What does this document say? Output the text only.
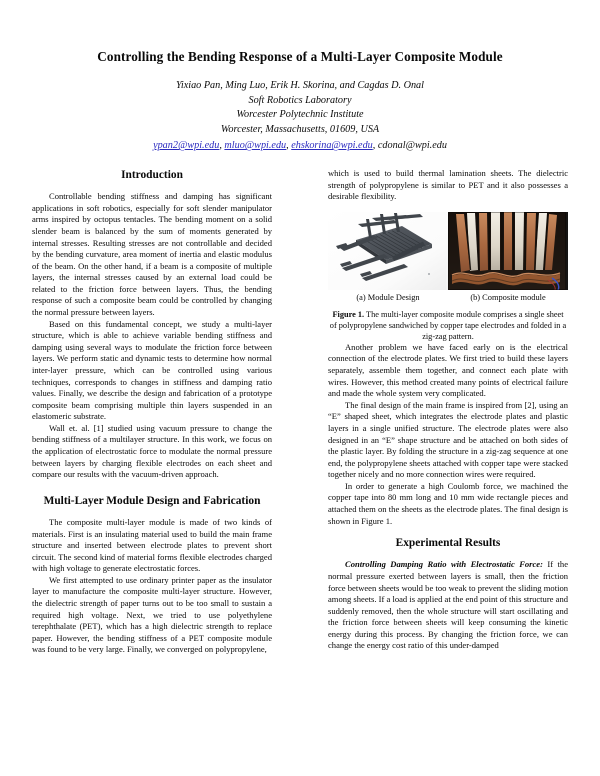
Controlling the Bending Response of a Multi-Layer Composite Module
Yixiao Pan, Ming Luo, Erik H. Skorina, and Cagdas D. Onal
Soft Robotics Laboratory
Worcester Polytechnic Institute
Worcester, Massachusetts, 01609, USA
ypan2@wpi.edu, mluo@wpi.edu, ehskorina@wpi.edu, cdonal@wpi.edu
Introduction

Controllable bending stiffness and damping has significant applications in soft robotics, especially for soft slender manipulator arms inspired by octopus tentacles. The bending moment on a solid slender beam is balanced by the sum of moments generated by internal stresses. Resulting stresses are not controllable and decided by the bending curvature, area moment of inertia and elastic modulus of the beam. On the other hand, if a beam is a composite of multiple layers, the internal stresses caused by an external load could be related to the friction force between layers. Thus, the bending response of such a composite beam could be controlled by changing the normal pressure between layers.

Based on this fundamental concept, we study a multi-layer structure, which is able to achieve variable bending stiffness and damping using several ways to modulate the friction force between layers. We perform static and dynamic tests to determine how normal inter-layer pressure, which can be controlled using various techniques, corresponds to changes in stiffness and damping ratio values. Finally, we describe the design and fabrication of a prototype composite beam comprising multiple thin layers suspended in an elastomeric substrate.

Wall et. al. [1] studied using vacuum pressure to change the bending stiffness of a multilayer structure. In this work, we focus on the application of electrostatic force to modulate the normal pressure between layers by charging flexible electrodes on each sheet and compare our results with the vacuum-driven approach.

Multi-Layer Module Design and Fabrication

The composite multi-layer module is made of two kinds of materials. First is an insulating material used to build the main frame structure and inserted between electrode plates to prevent short circuit. The second kind of material forms flexible electrodes charged with high voltage to generate electrostatic forces.

We first attempted to use ordinary printer paper as the insulator layer to manufacture the composite multi-layer structure. However, the dielectric strength of paper turns out to be too small to sustain a required high voltage. Next, we tried to use polyethylene terephthalate (PET), which has a high dielectric strength to replace paper. However, the bending stiffness of a PET composite module was found to be very large. Finally, we converged on polypropylene,

which is used to build thermal lamination sheets. The dielectric strength of polypropylene is similar to PET and it also possesses a desirable flexibility.

(a) Module Design	(b) Composite module
Figure 1. The multi-layer composite module comprises a single sheet of polypropylene sandwiched by copper tape electrodes and folded in a zig-zag pattern.

Another problem we have faced early on is the electrical connection of the electrode plates. We first tried to build these layers separately, assemble them together, and connect each plate with wires. However, this method created many points of electrical failure and made the whole system very complicated.

The final design of the main frame is inspired from [2], using an “E” shaped sheet, which integrates the electrode plates and plastic layers in a single unified structure. The electrode plates were also designed in an “E” shape structure and be attached on both sides of the plastic layer. By folding the structure in a zig-zag sequence at one end, the polypropylene sheets attached with copper tape were stacked together nicely and no more connection wires were required.

In order to generate a high Coulomb force, we machined the copper tape into 80 mm long and 10 mm wide rectangle pieces and attached them on the sheets as the electrode plates. The final design is shown in Figure 1.

Experimental Results

Controlling Damping Ratio with Electrostatic Force: If the normal pressure exerted between layers is small, then the friction force between sheets would be too weak to prevent the sliding motion among sheets. If a load is applied at the end point of this structure and suddenly removed, then the whole structure will start oscillating and the friction force between sheets will keep consuming the kinetic energy during this process. By changing the friction force, we can change the energy cost ratio of this under-damped
